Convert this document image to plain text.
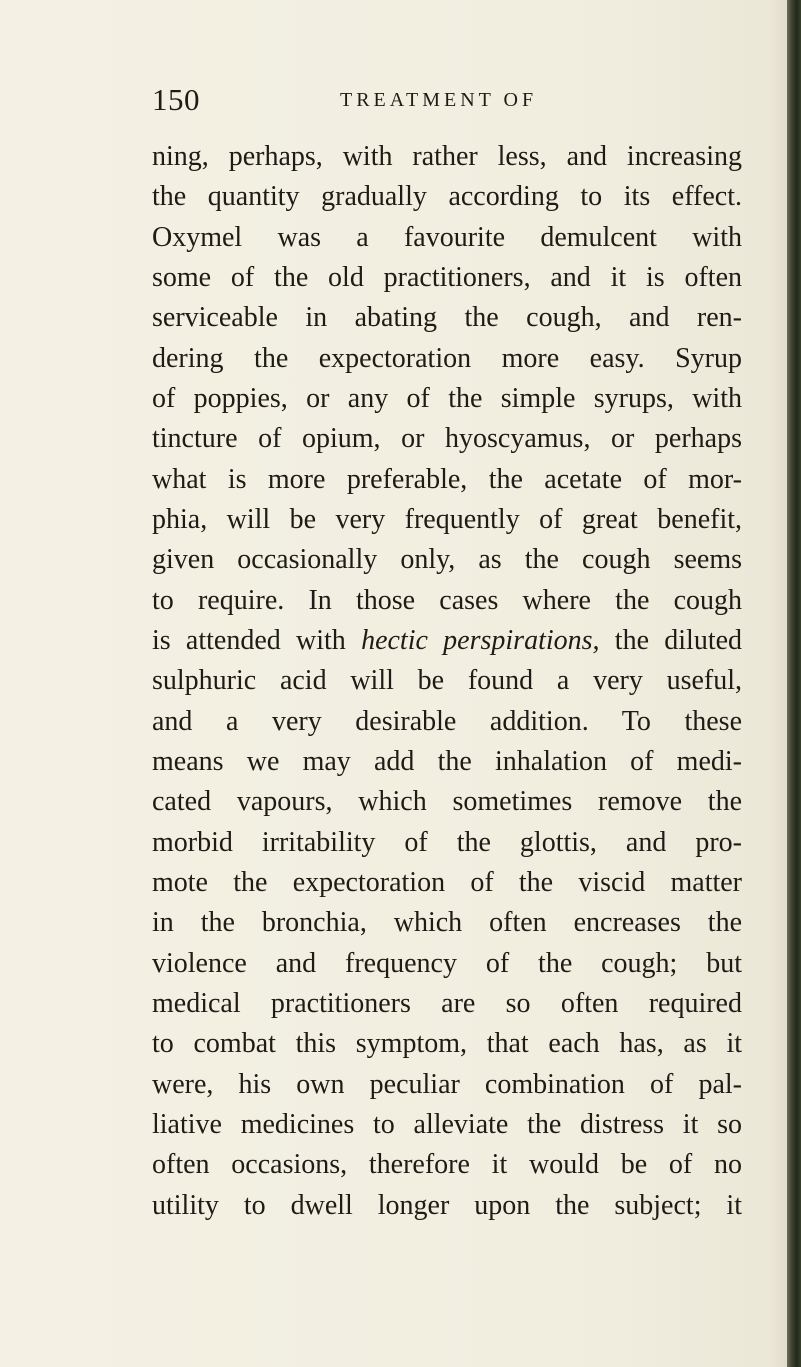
150	TREATMENT OF
ning, perhaps, with rather less, and increasing
the quantity gradually according to its effect.
Oxymel was a favourite demulcent with
some of the old practitioners, and it is often
serviceable in abating the cough, and ren-
dering the expectoration more easy. Syrup
of poppies, or any of the simple syrups, with
tincture of opium, or hyoscyamus, or perhaps
what is more preferable, the acetate of mor-
phia, will be very frequently of great benefit,
given occasionally only, as the cough seems
to require. In those cases where the cough
is attended with hectic perspirations, the diluted
sulphuric acid will be found a very useful,
and a very desirable addition. To these
means we may add the inhalation of medi-
cated vapours, which sometimes remove the
morbid irritability of the glottis, and pro-
mote the expectoration of the viscid matter
in the bronchia, which often encreases the
violence and frequency of the cough; but
medical practitioners are so often required
to combat this symptom, that each has, as it
were, his own peculiar combination of pal-
liative medicines to alleviate the distress it so
often occasions, therefore it would be of no
utility to dwell longer upon the subject; it
